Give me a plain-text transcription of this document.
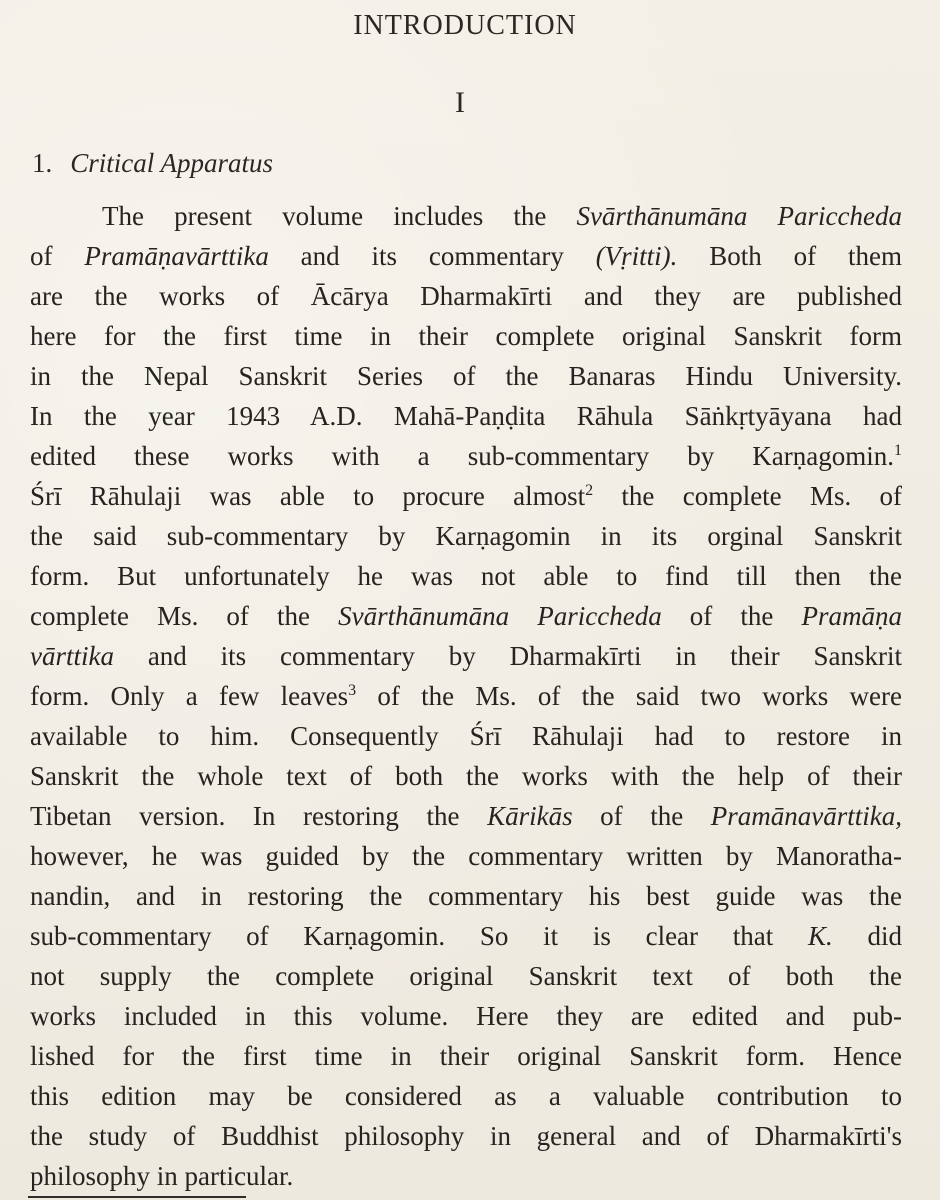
INTRODUCTION
I
1. Critical Apparatus
The present volume includes the Svārthānumāna Pariccheda
of Pramāṇavārttika and its commentary (Vṛitti). Both of them
are the works of Ācārya Dharmakīrti and they are published
here for the first time in their complete original Sanskrit form
in the Nepal Sanskrit Series of the Banaras Hindu University.
In the year 1943 A.D. Mahā-Paṇḍita Rāhula Sāṅkṛtyāyana had
edited these works with a sub-commentary by Karṇagomin.$^1$
Śrī Rāhulaji was able to procure almost$^2$ the complete Ms. of
the said sub-commentary by Karṇagomin in its orginal Sanskrit
form. But unfortunately he was not able to find till then the
complete Ms. of the Svārthānumāna Pariccheda of the Pramāṇa
vārttika and its commentary by Dharmakīrti in their Sanskrit
form. Only a few leaves$^3$ of the Ms. of the said two works were
available to him. Consequently Śrī Rāhulaji had to restore in
Sanskrit the whole text of both the works with the help of their
Tibetan version. In restoring the Kārikās of the Pramānavārttika,
however, he was guided by the commentary written by Manoratha-
nandin, and in restoring the commentary his best guide was the
sub-commentary of Karṇagomin. So it is clear that K. did
not supply the complete original Sanskrit text of both the
works included in this volume. Here they are edited and pub-
lished for the first time in their original Sanskrit form. Hence
this edition may be considered as a valuable contribution to
the study of Buddhist philosophy in general and of Dharmakīrti's
philosophy in particular.
